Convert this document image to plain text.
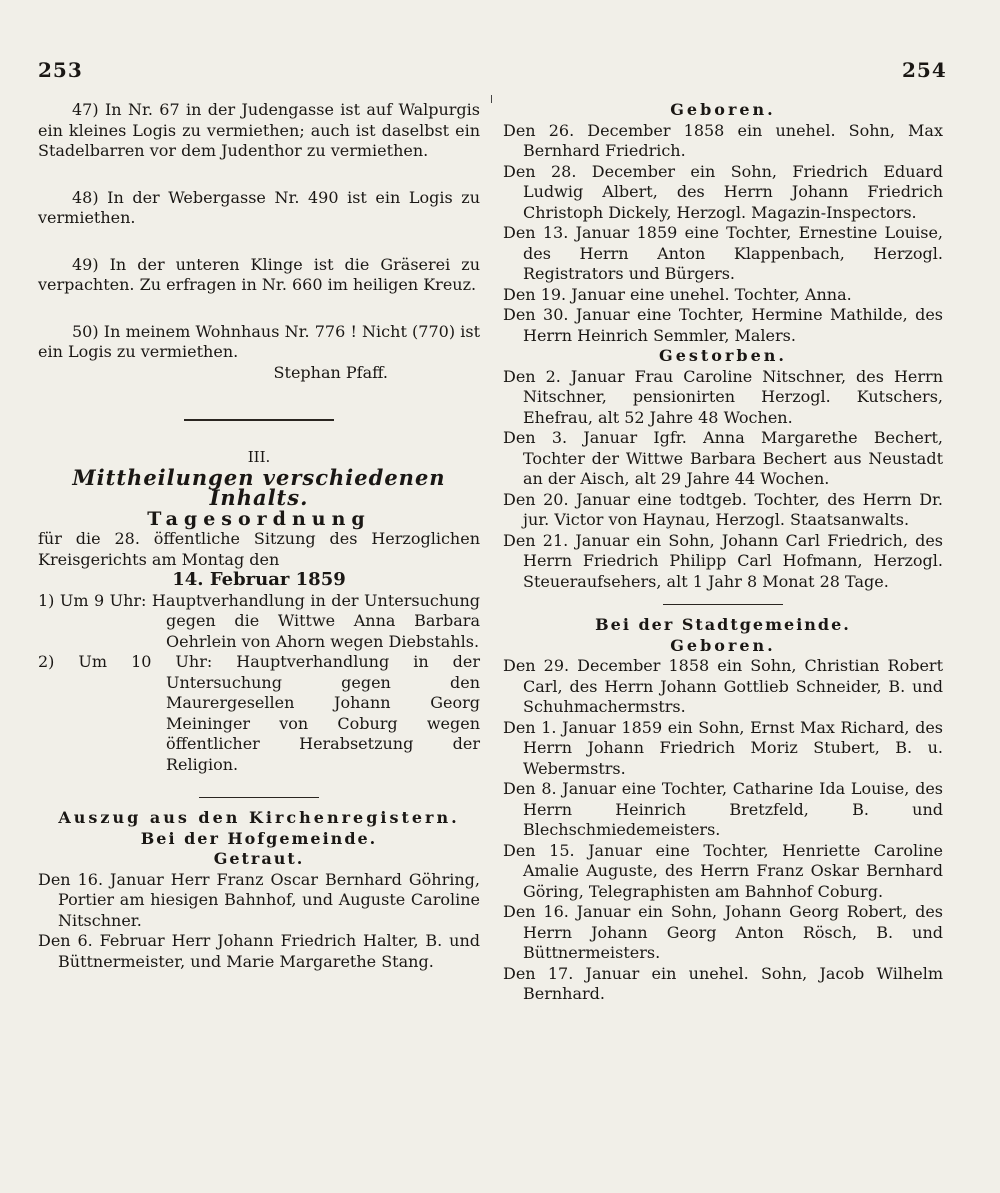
253	254

47) In Nr. 67 in der Judengasse ist auf Walpurgis ein kleines Logis zu vermiethen; auch ist daselbst ein Stadelbarren vor dem Judenthor zu vermiethen.

48) In der Webergasse Nr. 490 ist ein Logis zu vermiethen.

49) In der unteren Klinge ist die Gräserei zu verpachten. Zu erfragen in Nr. 660 im heiligen Kreuz.

50) In meinem Wohnhaus Nr. 776 ! Nicht (770) ist ein Logis zu vermiethen.

Stephan Pfaff.

III.

Mittheilungen verschiedenen Inhalts.

Tagesordnung

für die 28. öffentliche Sitzung des Herzoglichen Kreisgerichts am Montag den

14. Februar 1859

1) Um 9 Uhr: Hauptverhandlung in der Untersuchung gegen die Wittwe Anna Barbara Oehrlein von Ahorn wegen Diebstahls.

2) Um 10 Uhr: Hauptverhandlung in der Untersuchung gegen den Maurergesellen Johann Georg Meininger von Coburg wegen öffentlicher Herabsetzung der Religion.

Auszug aus den Kirchenregistern.

Bei der Hofgemeinde.

Getraut.

Den 16. Januar Herr Franz Oscar Bernhard Göhring, Portier am hiesigen Bahnhof, und Auguste Caroline Nitschner.

Den 6. Februar Herr Johann Friedrich Halter, B. und Büttnermeister, und Marie Margarethe Stang.

Geboren.

Den 26. December 1858 ein unehel. Sohn, Max Bernhard Friedrich.

Den 28. December ein Sohn, Friedrich Eduard Ludwig Albert, des Herrn Johann Friedrich Christoph Dickely, Herzogl. Magazin-Inspectors.

Den 13. Januar 1859 eine Tochter, Ernestine Louise, des Herrn Anton Klappenbach, Herzogl. Registrators und Bürgers.

Den 19. Januar eine unehel. Tochter, Anna.

Den 30. Januar eine Tochter, Hermine Mathilde, des Herrn Heinrich Semmler, Malers.

Gestorben.

Den 2. Januar Frau Caroline Nitschner, des Herrn Nitschner, pensionirten Herzogl. Kutschers, Ehefrau, alt 52 Jahre 48 Wochen.

Den 3. Januar Igfr. Anna Margarethe Bechert, Tochter der Wittwe Barbara Bechert aus Neustadt an der Aisch, alt 29 Jahre 44 Wochen.

Den 20. Januar eine todtgeb. Tochter, des Herrn Dr. jur. Victor von Haynau, Herzogl. Staatsanwalts.

Den 21. Januar ein Sohn, Johann Carl Friedrich, des Herrn Friedrich Philipp Carl Hofmann, Herzogl. Steueraufsehers, alt 1 Jahr 8 Monat 28 Tage.

Bei der Stadtgemeinde.

Geboren.

Den 29. December 1858 ein Sohn, Christian Robert Carl, des Herrn Johann Gottlieb Schneider, B. und Schuhmachermstrs.

Den 1. Januar 1859 ein Sohn, Ernst Max Richard, des Herrn Johann Friedrich Moriz Stubert, B. u. Webermstrs.

Den 8. Januar eine Tochter, Catharine Ida Louise, des Herrn Heinrich Bretzfeld, B. und Blechschmiedemeisters.

Den 15. Januar eine Tochter, Henriette Caroline Amalie Auguste, des Herrn Franz Oskar Bernhard Göring, Telegraphisten am Bahnhof Coburg.

Den 16. Januar ein Sohn, Johann Georg Robert, des Herrn Johann Georg Anton Rösch, B. und Büttnermeisters.

Den 17. Januar ein unehel. Sohn, Jacob Wilhelm Bernhard.
